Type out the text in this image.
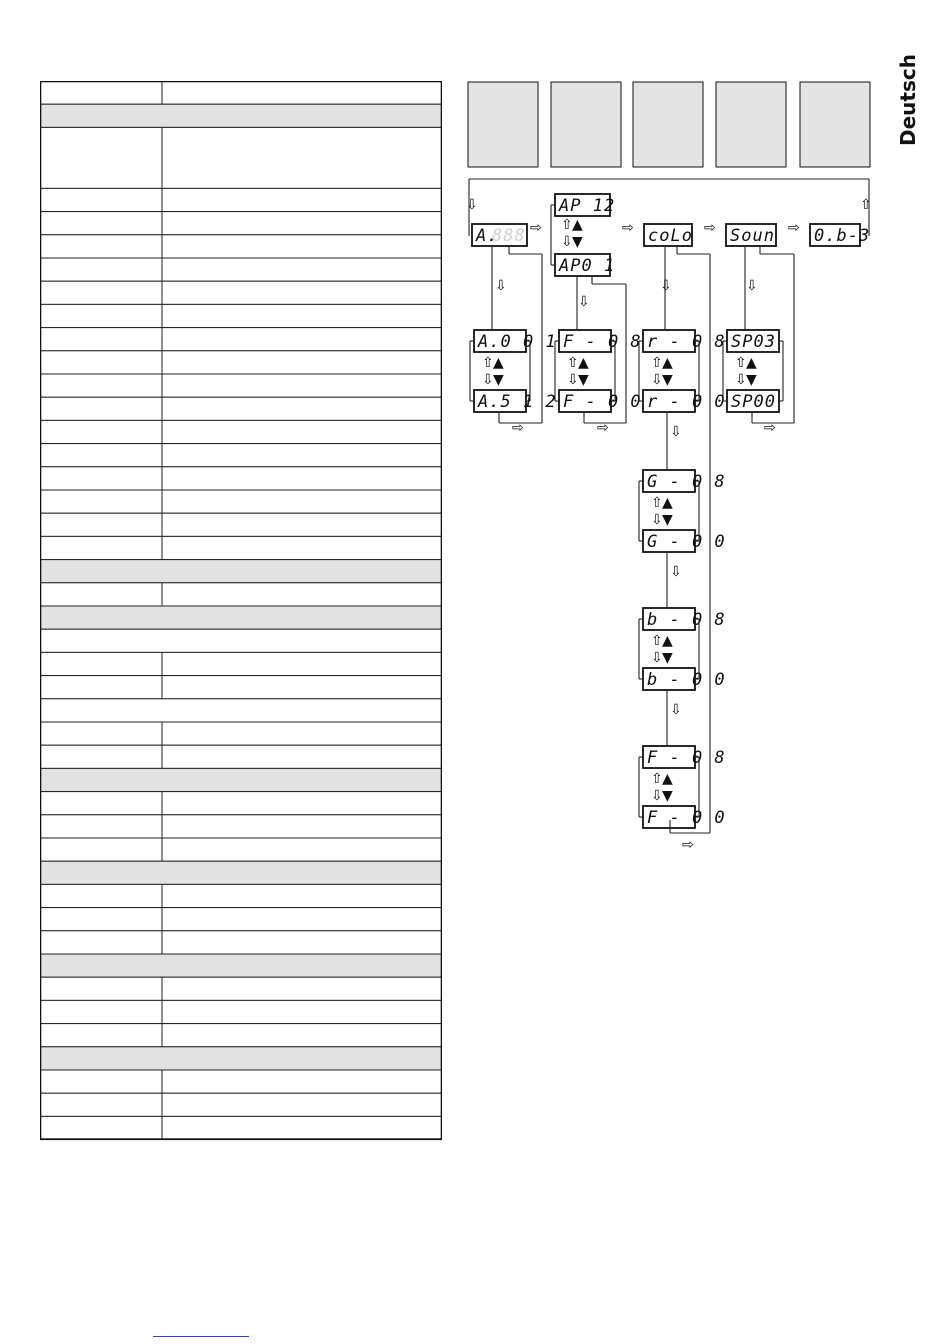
Deutsch
⇩	⇧
A.
888
AP 12
⇧ ▲
⇩ ▼
AP0 1
coLo Soun 0.b-3
⇨	⇨	⇨	⇨
⇩
A.0 0 1
⇧ ▲
⇩ ▼
A.5 1 2
⇨
⇩
F - 0 8
⇧ ▲
⇩ ▼
F - 0 0
⇨
⇩
r - 0 8
⇧ ▲
⇩ ▼
r - 0 0
⇩
G - 0 8
⇧ ▲
⇩ ▼
G - 0 0
⇩
b - 0 8
⇧ ▲
⇩ ▼
b - 0 0
⇩
F - 0 8
⇧ ▲
⇩ ▼
F - 0 0
⇨
⇩
SP03
⇧ ▲
⇩ ▼
SP00
⇨
